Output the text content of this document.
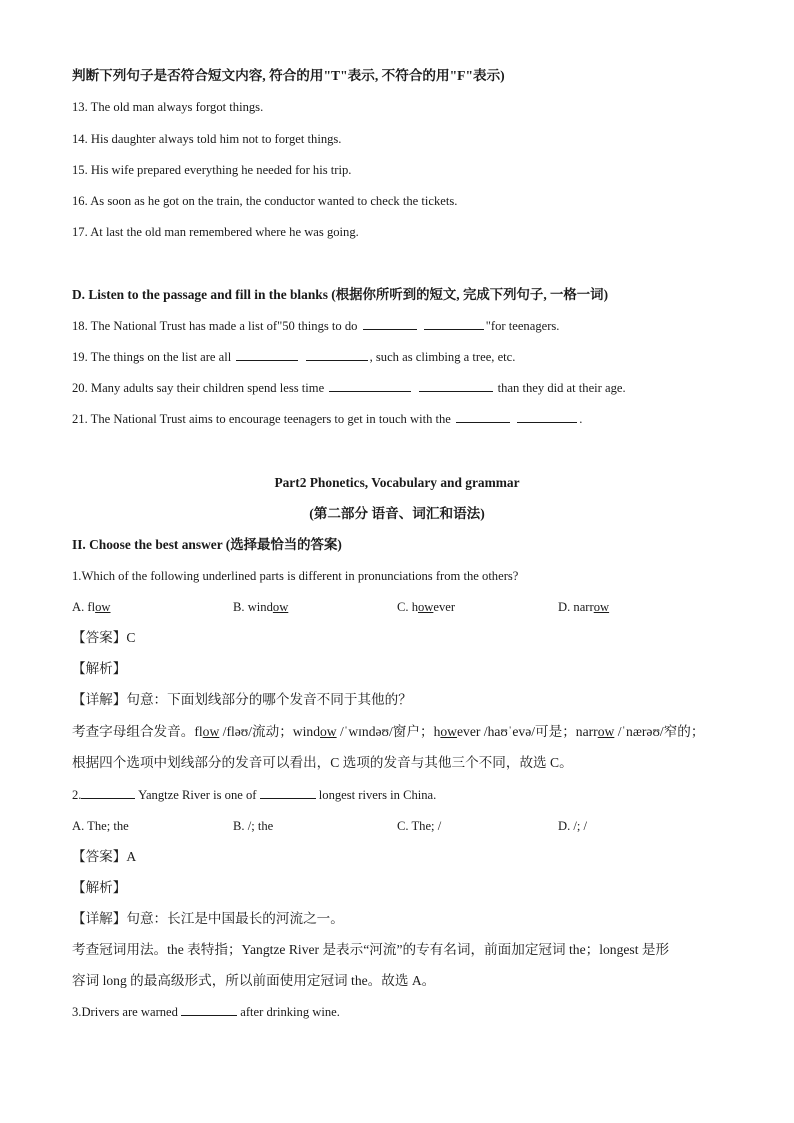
判断下列句子是否符合短文内容, 符合的用"T"表示, 不符合的用"F"表示)
13. The old man always forgot things.
14. His daughter always told him not to forget things.
15. His wife prepared everything he needed for his trip.
16. As soon as he got on the train, the conductor wanted to check the tickets.
17. At last the old man remembered where he was going.
D. Listen to the passage and fill in the blanks (根据你所听到的短文, 完成下列句子, 一格一词)
18. The National Trust has made a list of"50 things to do	"for teenagers.
19. The things on the list are all	, such as climbing a tree, etc.
20. Many adults say their children spend less time	than they did at their age.
21. The National Trust aims to encourage teenagers to get in touch with the	.
Part2 Phonetics, Vocabulary and grammar
(第二部分 语音、词汇和语法)
II. Choose the best answer (选择最恰当的答案)
1.Which of the following underlined parts is different in pronunciations from the others?
A. flow	B. window	C. however	D. narrow
【答案】C
【解析】
【详解】句意：下面划线部分的哪个发音不同于其他的？
考查字母组合发音。flow /fləʊ/流动；window /ˈwɪndəʊ/窗户；however /haʊˈevə/可是；narrow /ˈnærəʊ/窄的；
根据四个选项中划线部分的发音可以看出，C 选项的发音与其他三个不同，故选 C。
2.	Yangtze River is one of	longest rivers in China.
A. The; the	B. /; the	C. The; /	D. /; /
【答案】A
【解析】
【详解】句意：长江是中国最长的河流之一。
考查冠词用法。the 表特指；Yangtze River 是表示“河流”的专有名词，前面加定冠词 the；longest 是形
容词 long 的最高级形式，所以前面使用定冠词 the。故选 A。
3.Drivers are warned	after drinking wine.
